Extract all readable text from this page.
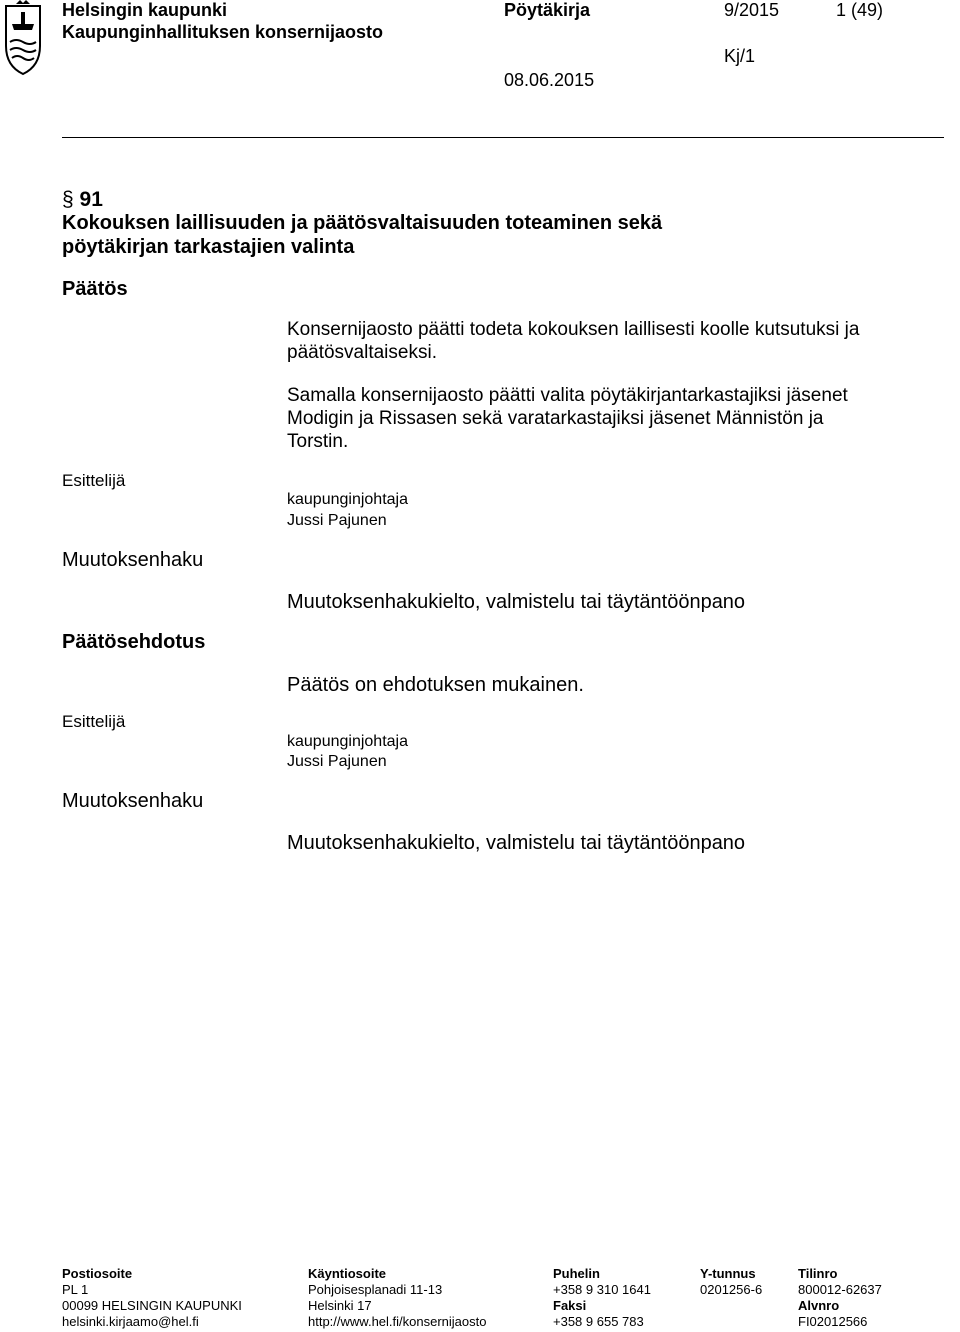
Helsingin kaupunki
Kaupunginhallituksen konsernijaosto
Pöytäkirja	9/2015	1 (49)
Kj/1
08.06.2015
§ 91
Kokouksen laillisuuden ja päätösvaltaisuuden toteaminen sekä
pöytäkirjan tarkastajien valinta
Päätös
Konsernijaosto päätti todeta kokouksen laillisesti koolle kutsutuksi ja
päätösvaltaiseksi.
Samalla konsernijaosto päätti valita pöytäkirjantarkastajiksi jäsenet
Modigin ja Rissasen sekä varatarkastajiksi jäsenet Männistön ja
Torstin.
Esittelijä
kaupunginjohtaja
Jussi Pajunen
Muutoksenhaku
Muutoksenhakukielto, valmistelu tai täytäntöönpano
Päätösehdotus
Päätös on ehdotuksen mukainen.
Esittelijä
kaupunginjohtaja
Jussi Pajunen
Muutoksenhaku
Muutoksenhakukielto, valmistelu tai täytäntöönpano
Postiosoite
PL 1
00099 HELSINGIN KAUPUNKI
helsinki.kirjaamo@hel.fi
Käyntiosoite
Pohjoisesplanadi 11-13
Helsinki 17
http://www.hel.fi/konsernijaosto
Puhelin
+358 9 310 1641
Faksi
+358 9 655 783
Y-tunnus
0201256-6
Tilinro
800012-62637
Alvnro
FI02012566
